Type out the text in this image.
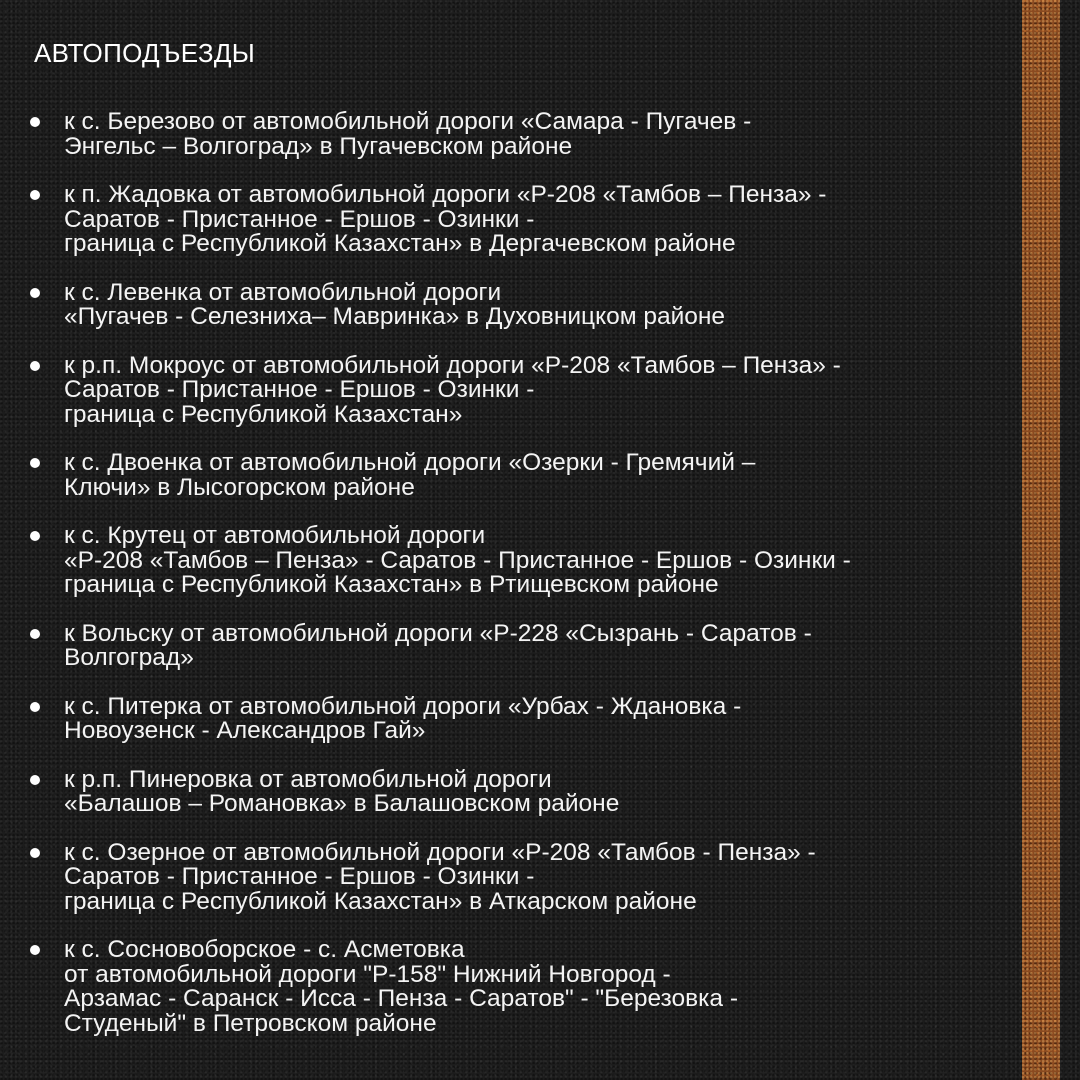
АВТОПОДЪЕЗДЫ
к с. Березово от автомобильной дороги «Самара - Пугачев -
Энгельс – Волгоград» в Пугачевском районе
к п. Жадовка от автомобильной дороги «Р-208 «Тамбов – Пенза» -
Саратов - Пристанное - Ершов - Озинки -
граница с Республикой Казахстан» в Дергачевском районе
к с. Левенка от автомобильной дороги
«Пугачев - Селезниха– Мавринка» в Духовницком районе
к р.п. Мокроус от автомобильной дороги «Р-208 «Тамбов – Пенза» -
Саратов - Пристанное - Ершов - Озинки -
граница с Республикой Казахстан»
к с. Двоенка от автомобильной дороги «Озерки - Гремячий –
Ключи» в Лысогорском районе
к с. Крутец от автомобильной дороги
«Р-208 «Тамбов – Пенза» - Саратов - Пристанное - Ершов - Озинки -
граница с Республикой Казахстан» в Ртищевском районе
к Вольску от автомобильной дороги «Р-228 «Сызрань - Саратов -
Волгоград»
к с. Питерка от автомобильной дороги «Урбах - Ждановка -
Новоузенск - Александров Гай»
к р.п. Пинеровка от автомобильной дороги
«Балашов – Романовка» в Балашовском районе
к с. Озерное от автомобильной дороги «Р-208 «Тамбов - Пенза» -
Саратов - Пристанное - Ершов - Озинки -
граница с Республикой Казахстан» в Аткарском районе
к с. Сосновоборское - с. Асметовка
от автомобильной дороги "Р-158" Нижний Новгород -
Арзамас - Саранск - Исса - Пенза - Саратов" - "Березовка -
Студеный" в Петровском районе
